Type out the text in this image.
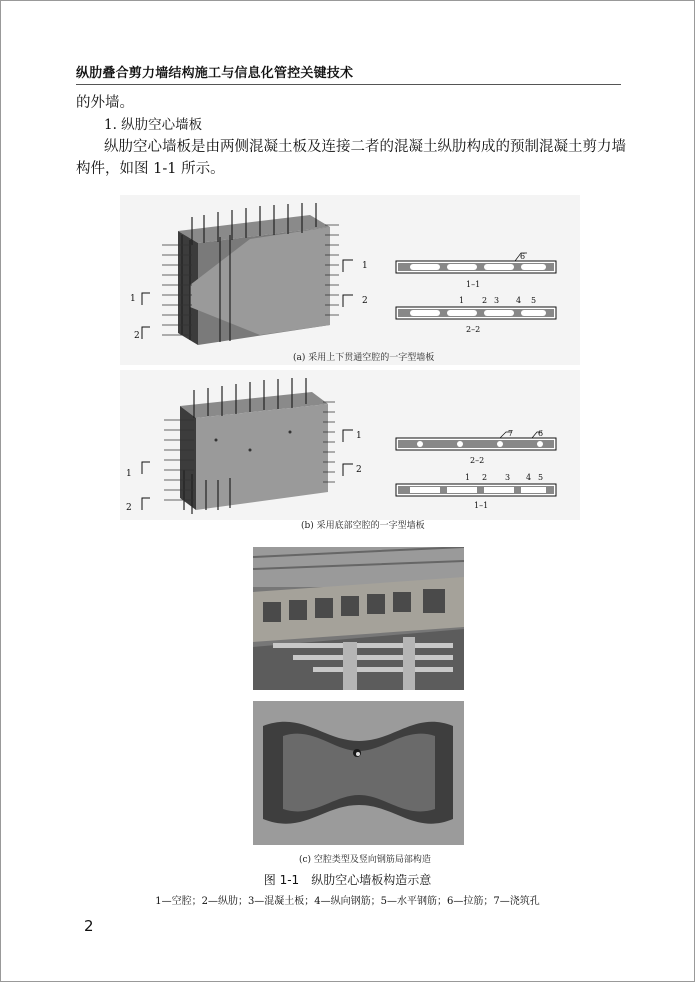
纵肋叠合剪力墙结构施工与信息化管控关键技术
的外墙。
1. 纵肋空心墙板
纵肋空心墙板是由两侧混凝土板及连接二者的混凝土纵肋构成的预制混凝土剪力墙
构件，如图 1-1 所示。
1
2
1
2
6
1–1
1 2 3 4 5
2–2
(a) 采用上下贯通空腔的一字型墙板
1
2
1
2
7	6
2–2
1 2 3 4 5
1–1
(b) 采用底部空腔的一字型墙板
(c) 空腔类型及竖向钢筋局部构造
图 1-1　纵肋空心墙板构造示意
1—空腔；2—纵肋；3—混凝土板；4—纵向钢筋；5—水平钢筋；6—拉筋；7—浇筑孔
2
